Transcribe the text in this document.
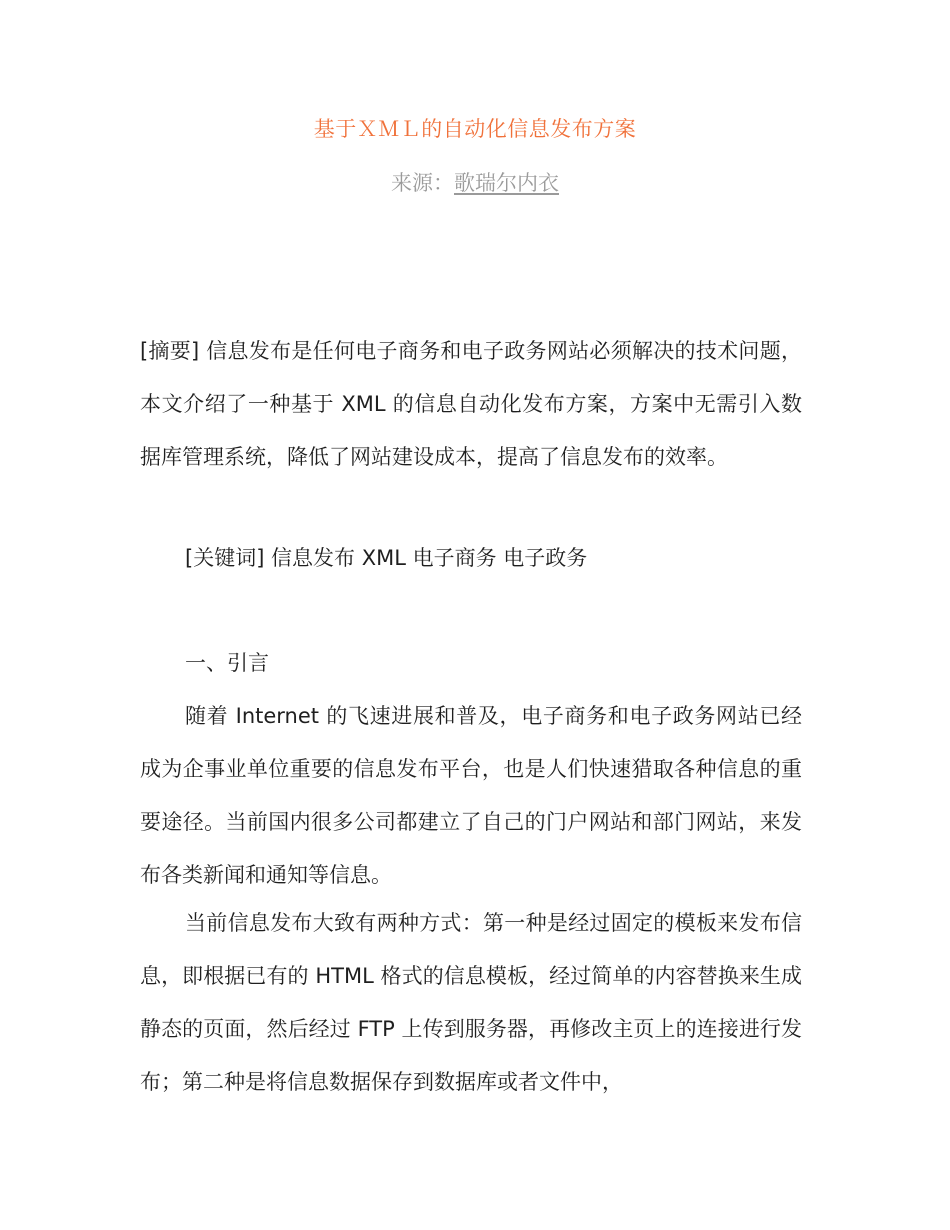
基于ＸＭＬ的自动化信息发布方案
来源：歌瑞尔内衣

[摘要] 信息发布是任何电子商务和电子政务网站必须解决的技术问题，本文介绍了一种基于 XML 的信息自动化发布方案，方案中无需引入数据库管理系统，降低了网站建设成本，提高了信息发布的效率。

[关键词] 信息发布 XML 电子商务 电子政务

一、引言

随着 Internet 的飞速进展和普及，电子商务和电子政务网站已经成为企事业单位重要的信息发布平台，也是人们快速猎取各种信息的重要途径。当前国内很多公司都建立了自己的门户网站和部门网站，来发布各类新闻和通知等信息。

当前信息发布大致有两种方式：第一种是经过固定的模板来发布信息，即根据已有的 HTML 格式的信息模板，经过简单的内容替换来生成静态的页面，然后经过 FTP 上传到服务器，再修改主页上的连接进行发布；第二种是将信息数据保存到数据库或者文件中，
